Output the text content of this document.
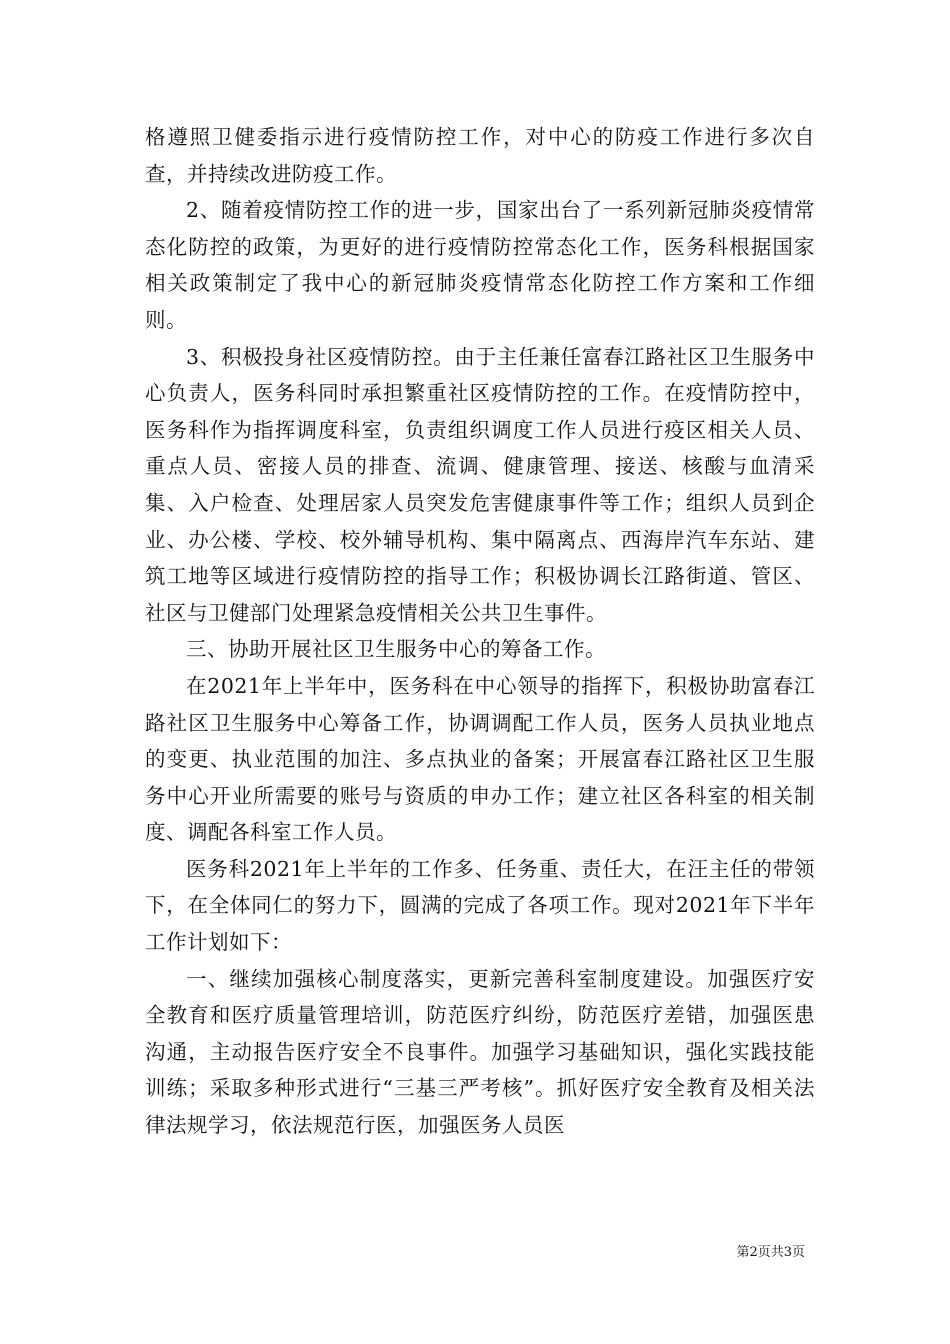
格遵照卫健委指示进行疫情防控工作，对中心的防疫工作进行多次自查，并持续改进防疫工作。

2、随着疫情防控工作的进一步，国家出台了一系列新冠肺炎疫情常态化防控的政策，为更好的进行疫情防控常态化工作，医务科根据国家相关政策制定了我中心的新冠肺炎疫情常态化防控工作方案和工作细则。

3、积极投身社区疫情防控。由于主任兼任富春江路社区卫生服务中心负责人，医务科同时承担繁重社区疫情防控的工作。在疫情防控中，医务科作为指挥调度科室，负责组织调度工作人员进行疫区相关人员、重点人员、密接人员的排查、流调、健康管理、接送、核酸与血清采集、入户检查、处理居家人员突发危害健康事件等工作；组织人员到企业、办公楼、学校、校外辅导机构、集中隔离点、西海岸汽车东站、建筑工地等区域进行疫情防控的指导工作；积极协调长江路街道、管区、社区与卫健部门处理紧急疫情相关公共卫生事件。

三、协助开展社区卫生服务中心的筹备工作。

在2021年上半年中，医务科在中心领导的指挥下，积极协助富春江路社区卫生服务中心筹备工作，协调调配工作人员，医务人员执业地点的变更、执业范围的加注、多点执业的备案；开展富春江路社区卫生服务中心开业所需要的账号与资质的申办工作；建立社区各科室的相关制度、调配各科室工作人员。

医务科2021年上半年的工作多、任务重、责任大，在汪主任的带领下，在全体同仁的努力下，圆满的完成了各项工作。现对2021年下半年工作计划如下：

一、继续加强核心制度落实，更新完善科室制度建设。加强医疗安全教育和医疗质量管理培训，防范医疗纠纷，防范医疗差错，加强医患沟通，主动报告医疗安全不良事件。加强学习基础知识，强化实践技能训练；采取多种形式进行“三基三严考核”。抓好医疗安全教育及相关法律法规学习，依法规范行医，加强医务人员医

第2页共3页
